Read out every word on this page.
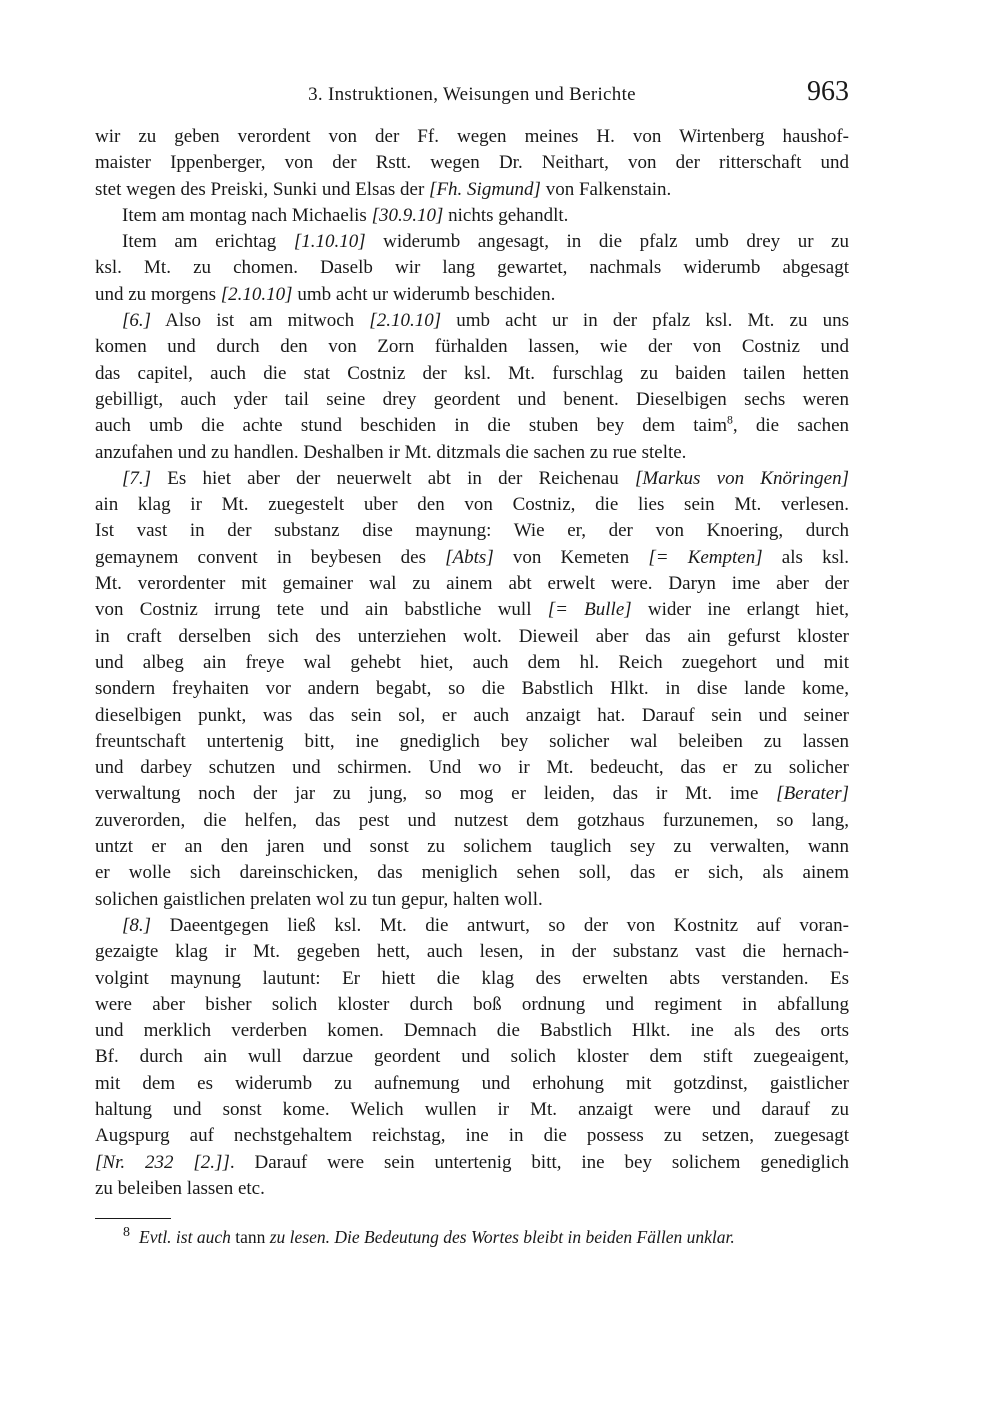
3. Instruktionen, Weisungen und Berichte	963
wir zu geben verordent von der Ff. wegen meines H. von Wirtenberg haushof-
maister Ippenberger, von der Rstt. wegen Dr. Neithart, von der ritterschaft und
stet wegen des Preiski, Sunki und Elsas der [Fh. Sigmund] von Falkenstain.
Item am montag nach Michaelis [30.9.10] nichts gehandlt.
Item am erichtag [1.10.10] widerumb angesagt, in die pfalz umb drey ur zu
ksl. Mt. zu chomen. Daselb wir lang gewartet, nachmals widerumb abgesagt
und zu morgens [2.10.10] umb acht ur widerumb beschiden.
[6.] Also ist am mitwoch [2.10.10] umb acht ur in der pfalz ksl. Mt. zu uns
komen und durch den von Zorn fürhalden lassen, wie der von Costniz und
das capitel, auch die stat Costniz der ksl. Mt. furschlag zu baiden tailen hetten
gebilligt, auch yder tail seine drey geordent und benent. Dieselbigen sechs weren
auch umb die achte stund beschiden in die stuben bey dem taim$^8$, die sachen
anzufahen und zu handlen. Deshalben ir Mt. ditzmals die sachen zu rue stelte.
[7.] Es hiet aber der neuerwelt abt in der Reichenau [Markus von Knöringen]
ain klag ir Mt. zuegestelt uber den von Costniz, die lies sein Mt. verlesen.
Ist vast in der substanz dise maynung: Wie er, der von Knoering, durch
gemaynem convent in beybesen des [Abts] von Kemeten [= Kempten] als ksl.
Mt. verordenter mit gemainer wal zu ainem abt erwelt were. Daryn ime aber der
von Costniz irrung tete und ain babstliche wull [= Bulle] wider ine erlangt hiet,
in craft derselben sich des unterziehen wolt. Dieweil aber das ain gefurst kloster
und albeg ain freye wal gehebt hiet, auch dem hl. Reich zuegehort und mit
sondern freyhaiten vor andern begabt, so die Babstlich Hlkt. in dise lande kome,
dieselbigen punkt, was das sein sol, er auch anzaigt hat. Darauf sein und seiner
freuntschaft untertenig bitt, ine gnediglich bey solicher wal beleiben zu lassen
und darbey schutzen und schirmen. Und wo ir Mt. bedeucht, das er zu solicher
verwaltung noch der jar zu jung, so mog er leiden, das ir Mt. ime [Berater]
zuverorden, die helfen, das pest und nutzest dem gotzhaus furzunemen, so lang,
untzt er an den jaren und sonst zu solichem tauglich sey zu verwalten, wann
er wolle sich dareinschicken, das meniglich sehen soll, das er sich, als ainem
solichen gaistlichen prelaten wol zu tun gepur, halten woll.
[8.] Daeentgegen ließ ksl. Mt. die antwurt, so der von Kostnitz auf voran-
gezaigte klag ir Mt. gegeben hett, auch lesen, in der substanz vast die hernach-
volgint maynung lautunt: Er hiett die klag des erwelten abts verstanden. Es
were aber bisher solich kloster durch boß ordnung und regiment in abfallung
und merklich verderben komen. Demnach die Babstlich Hlkt. ine als des orts
Bf. durch ain wull darzue geordent und solich kloster dem stift zuegeaigent,
mit dem es widerumb zu aufnemung und erhohung mit gotzdinst, gaistlicher
haltung und sonst kome. Welich wullen ir Mt. anzaigt were und darauf zu
Augspurg auf nechstgehaltem reichstag, ine in die possess zu setzen, zuegesagt
[Nr. 232 [2.]]. Darauf were sein untertenig bitt, ine bey solichem genediglich
zu beleiben lassen etc.
$^8$ Evtl. ist auch tann zu lesen. Die Bedeutung des Wortes bleibt in beiden Fällen unklar.
